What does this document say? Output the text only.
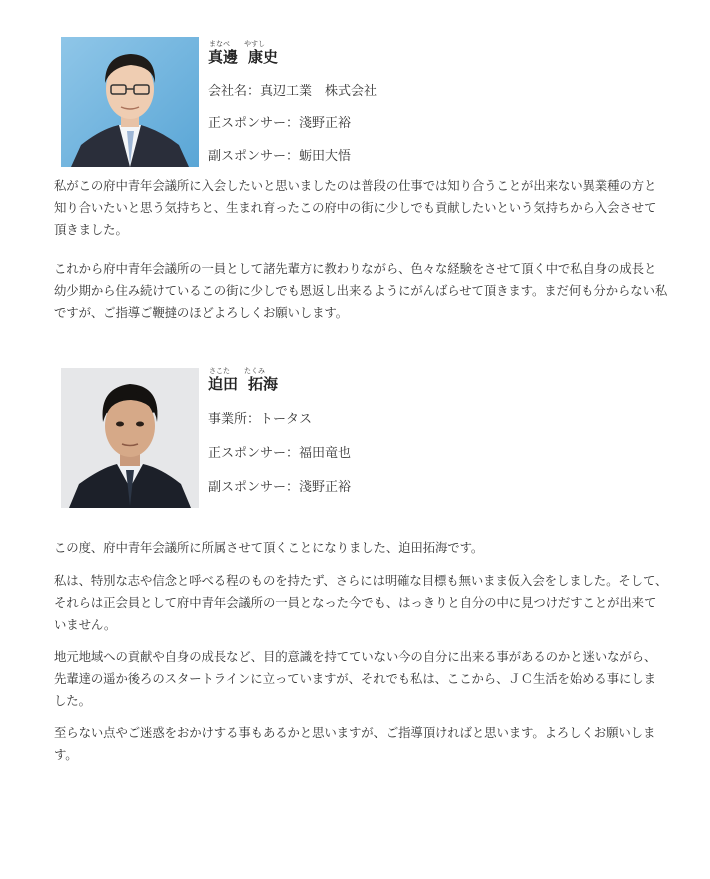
まなべ やすし
真邊 康史
会社名：真辺工業　株式会社
正スポンサー：淺野正裕
副スポンサー：蛎田大悟

私がこの府中青年会議所に入会したいと思いましたのは普段の仕事では知り合うことが出来ない異業種の方と知り合いたいと思う気持ちと、生まれ育ったこの府中の街に少しでも貢献したいという気持ちから入会させて頂きました。

これから府中青年会議所の一員として諸先輩方に教わりながら、色々な経験をさせて頂く中で私自身の成長と幼少期から住み続けているこの街に少しでも恩返し出来るようにがんばらせて頂きます。まだ何も分からない私ですが、ご指導ご鞭撻のほどよろしくお願いします。

さこた たくみ
迫田 拓海
事業所：トータス
正スポンサー：福田竜也
副スポンサー：淺野正裕

この度、府中青年会議所に所属させて頂くことになりました、迫田拓海です。

私は、特別な志や信念と呼べる程のものを持たず、さらには明確な目標も無いまま仮入会をしました。そして、それらは正会員として府中青年会議所の一員となった今でも、はっきりと自分の中に見つけだすことが出来ていません。

地元地域への貢献や自身の成長など、目的意識を持てていない今の自分に出来る事があるのかと迷いながら、先輩達の遥か後ろのスタートラインに立っていますが、それでも私は、ここから、ＪＣ生活を始める事にしました。

至らない点やご迷惑をおかけする事もあるかと思いますが、ご指導頂ければと思います。よろしくお願いします。
